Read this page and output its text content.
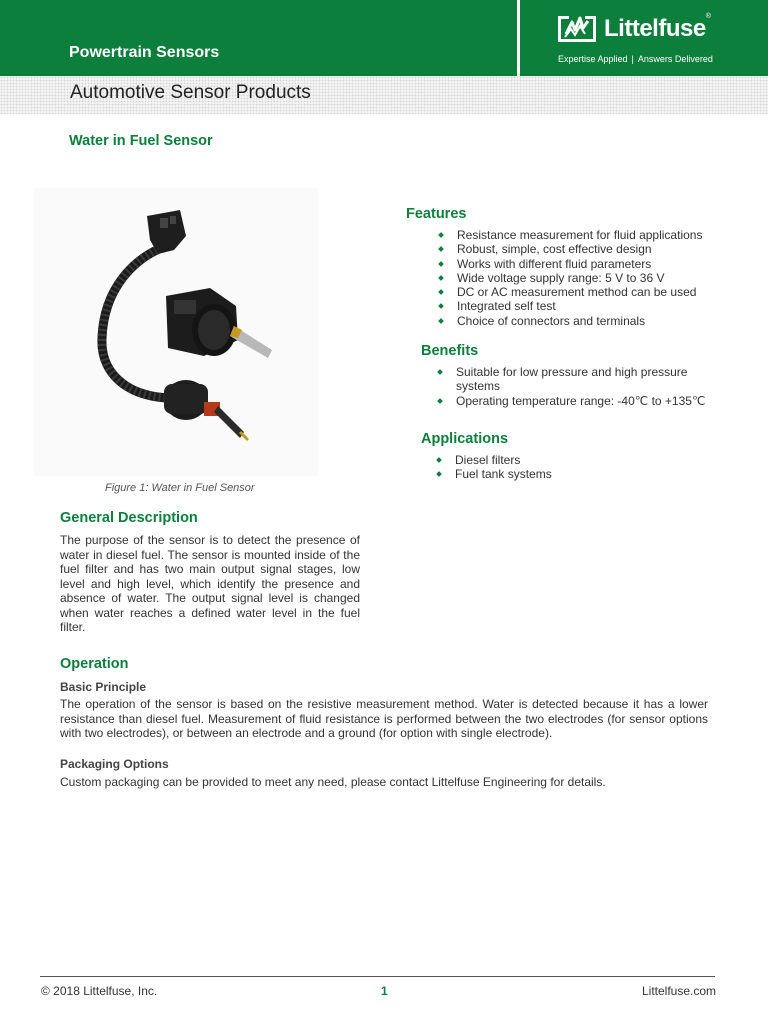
Powertrain Sensors
Littelfuse®
Expertise Applied | Answers Delivered
Automotive Sensor Products
Water in Fuel Sensor
Figure 1: Water in Fuel Sensor
Features
Resistance measurement for fluid applications
Robust, simple, cost effective design
Works with different fluid parameters
Wide voltage supply range: 5 V to 36 V
DC or AC measurement method can be used
Integrated self test
Choice of connectors and terminals
Benefits
Suitable for low pressure and high pressure systems
Operating temperature range: -40℃ to +135℃
Applications
Diesel filters
Fuel tank systems
General Description
The purpose of the sensor is to detect the presence of water in diesel fuel. The sensor is mounted inside of the fuel filter and has two main output signal stages, low level and high level, which identify the presence and absence of water. The output signal level is changed when water reaches a defined water level in the fuel filter.
Operation
Basic Principle
The operation of the sensor is based on the resistive measurement method. Water is detected because it has a lower resistance than diesel fuel. Measurement of fluid resistance is performed between the two electrodes (for sensor options with two electrodes), or between an electrode and a ground (for option with single electrode).
Packaging Options
Custom packaging can be provided to meet any need, please contact Littelfuse Engineering for details.
© 2018 Littelfuse, Inc.	1	Littelfuse.com
